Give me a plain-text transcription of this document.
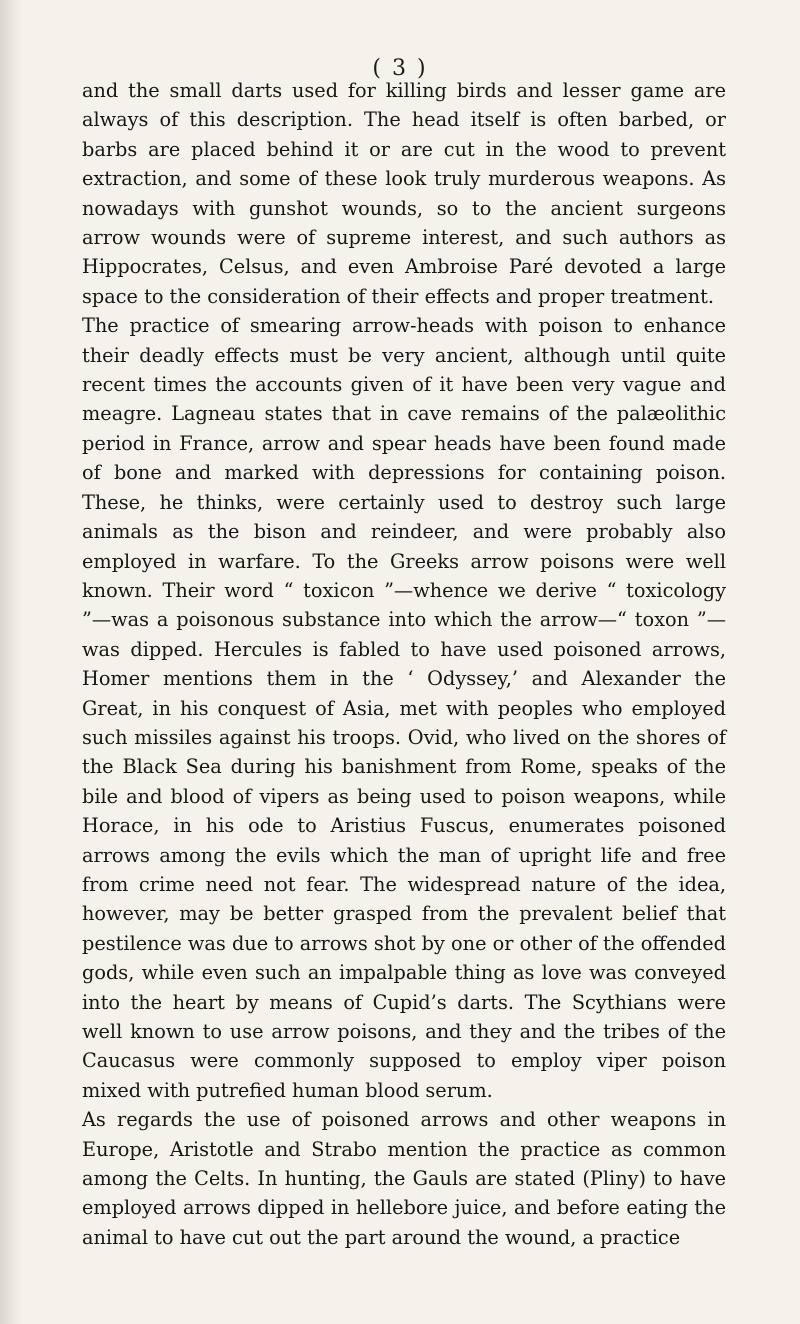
( 3 )

and the small darts used for killing birds and lesser game are always of this description. The head itself is often barbed, or barbs are placed behind it or are cut in the wood to prevent extraction, and some of these look truly murderous weapons. As nowadays with gunshot wounds, so to the ancient surgeons arrow wounds were of supreme interest, and such authors as Hippocrates, Celsus, and even Ambroise Paré devoted a large space to the consideration of their effects and proper treatment.

The practice of smearing arrow-heads with poison to enhance their deadly effects must be very ancient, although until quite recent times the accounts given of it have been very vague and meagre. Lagneau states that in cave remains of the palæolithic period in France, arrow and spear heads have been found made of bone and marked with depressions for containing poison. These, he thinks, were certainly used to destroy such large animals as the bison and reindeer, and were probably also employed in warfare. To the Greeks arrow poisons were well known. Their word “ toxicon ”—whence we derive “ toxicology ”—was a poisonous substance into which the arrow—“ toxon ”—was dipped. Hercules is fabled to have used poisoned arrows, Homer mentions them in the ‘ Odyssey,’ and Alexander the Great, in his conquest of Asia, met with peoples who employed such missiles against his troops. Ovid, who lived on the shores of the Black Sea during his banishment from Rome, speaks of the bile and blood of vipers as being used to poison weapons, while Horace, in his ode to Aristius Fuscus, enumerates poisoned arrows among the evils which the man of upright life and free from crime need not fear. The widespread nature of the idea, however, may be better grasped from the prevalent belief that pestilence was due to arrows shot by one or other of the offended gods, while even such an impalpable thing as love was conveyed into the heart by means of Cupid’s darts. The Scythians were well known to use arrow poisons, and they and the tribes of the Caucasus were commonly supposed to employ viper poison mixed with putrefied human blood serum.

As regards the use of poisoned arrows and other weapons in Europe, Aristotle and Strabo mention the practice as common among the Celts. In hunting, the Gauls are stated (Pliny) to have employed arrows dipped in hellebore juice, and before eating the animal to have cut out the part around the wound, a practice
